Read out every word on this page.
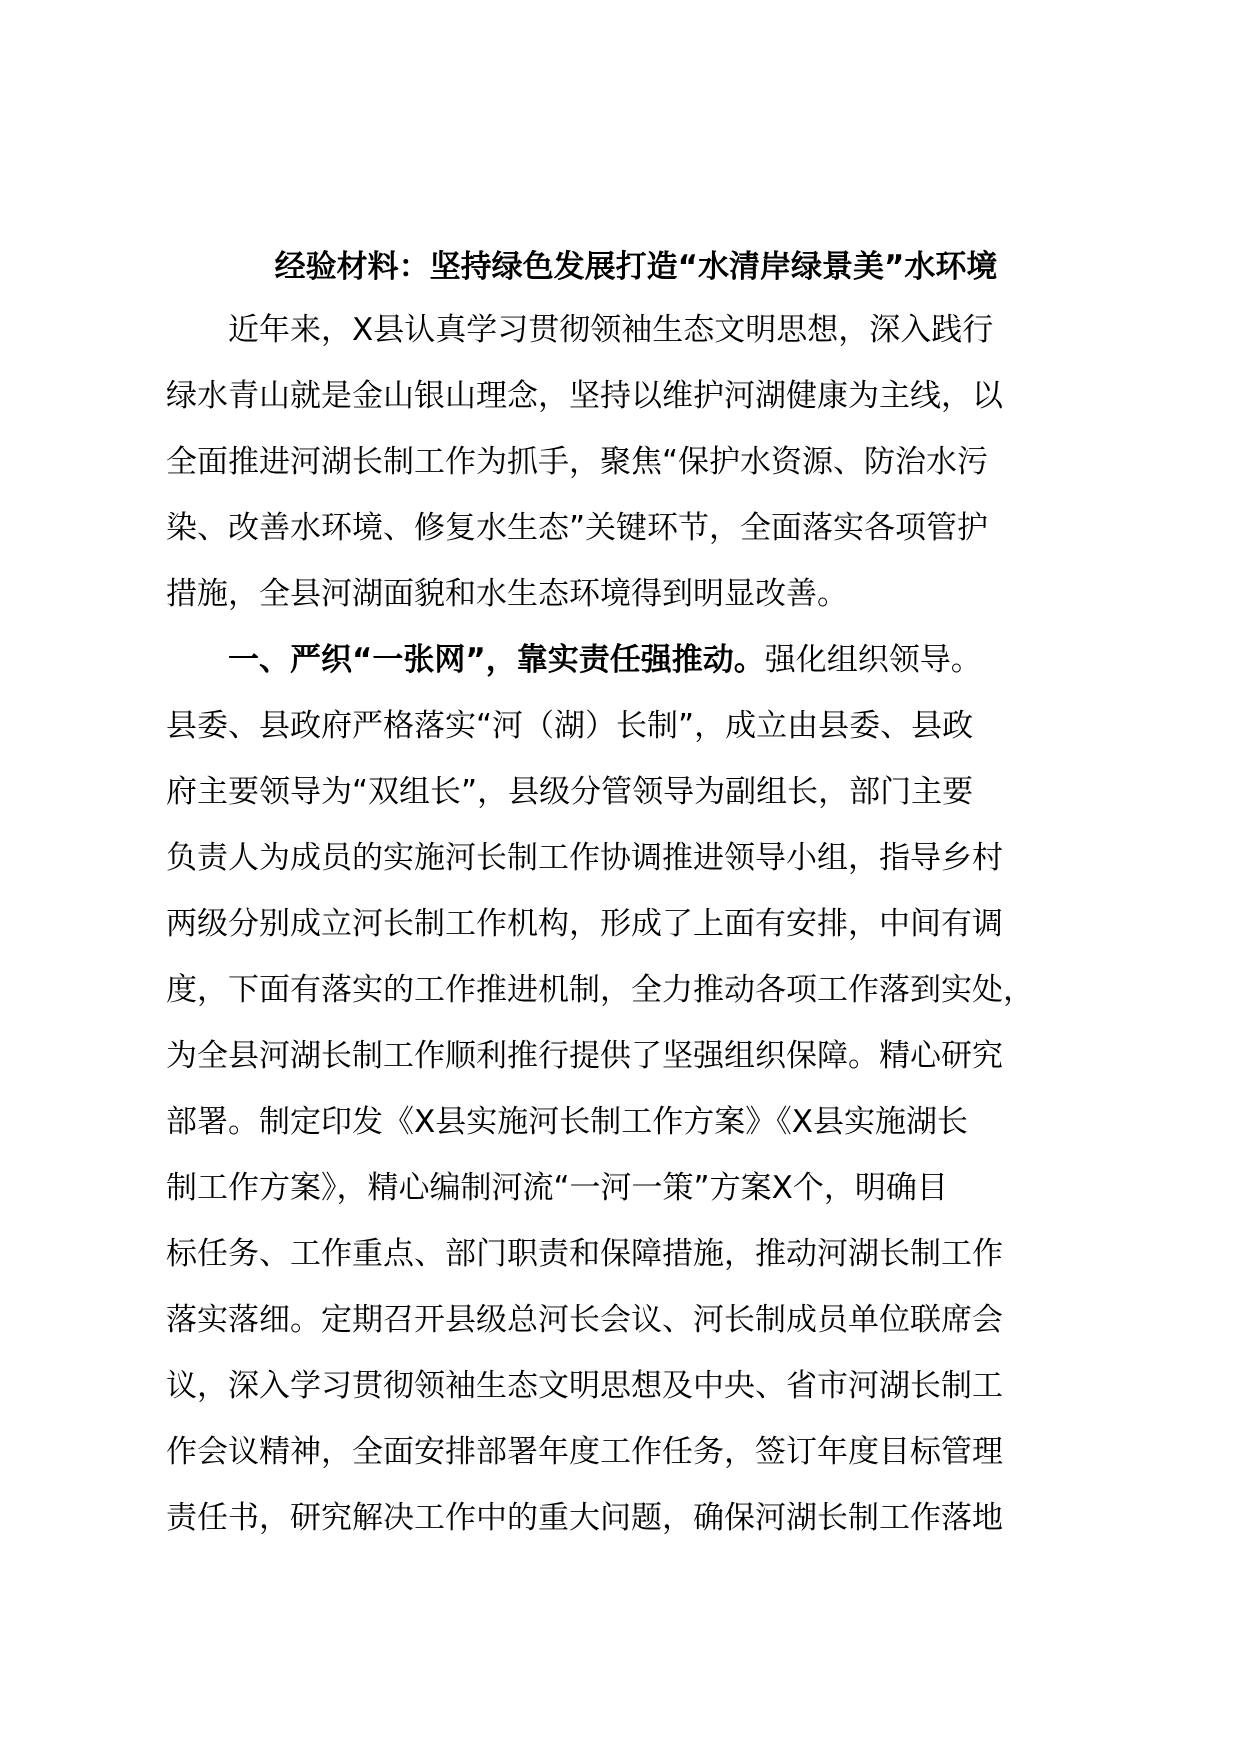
经验材料：坚持绿色发展打造“水清岸绿景美”水环境
近年来，X县认真学习贯彻领袖生态文明思想，深入践行
绿水青山就是金山银山理念，坚持以维护河湖健康为主线，以
全面推进河湖长制工作为抓手，聚焦“保护水资源、防治水污
染、改善水环境、修复水生态”关键环节，全面落实各项管护
措施，全县河湖面貌和水生态环境得到明显改善。
一、严织“一张网”，靠实责任强推动。强化组织领导。
县委、县政府严格落实“河（湖）长制”，成立由县委、县政
府主要领导为“双组长”，县级分管领导为副组长，部门主要
负责人为成员的实施河长制工作协调推进领导小组，指导乡村
两级分别成立河长制工作机构，形成了上面有安排，中间有调
度，下面有落实的工作推进机制，全力推动各项工作落到实处，
为全县河湖长制工作顺利推行提供了坚强组织保障。精心研究
部署。制定印发《X县实施河长制工作方案》《X县实施湖长
制工作方案》，精心编制河流“一河一策”方案X个，明确目
标任务、工作重点、部门职责和保障措施，推动河湖长制工作
落实落细。定期召开县级总河长会议、河长制成员单位联席会
议，深入学习贯彻领袖生态文明思想及中央、省市河湖长制工
作会议精神，全面安排部署年度工作任务，签订年度目标管理
责任书，研究解决工作中的重大问题，确保河湖长制工作落地
